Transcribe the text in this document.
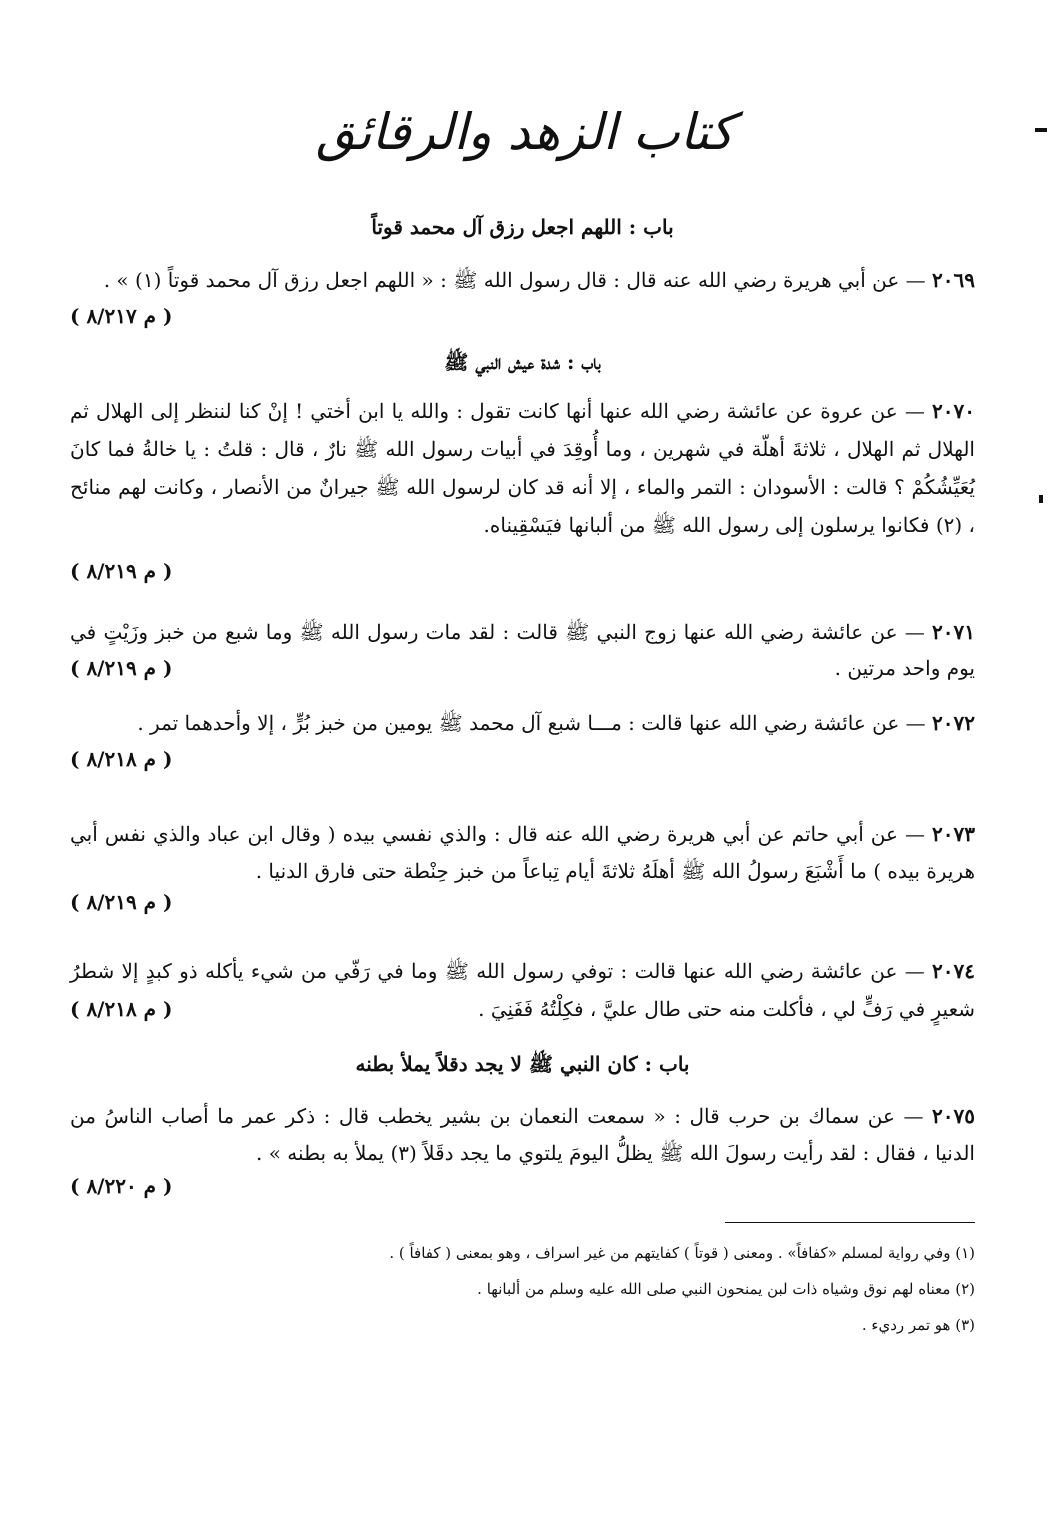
كتاب الزهد والرقائق
باب : اللهم اجعل رزق آل محمد قوتاً
٢٠٦٩ — عن أبي هريرة رضي الله عنه قال : قال رسول الله ﷺ : « اللهم اجعل رزق آل محمد قوتاً (١) » .
( م ٨/٢١٧ )
باب : شدة عيش النبي ﷺ
٢٠٧٠ — عن عروة عن عائشة رضي الله عنها أنها كانت تقول : والله يا ابن أختي ! إنْ كنا لننظر إلى الهلال ثم الهلال ثم الهلال ، ثلاثةَ أهلّة في شهرين ، وما أُوقِدَ في أبيات رسول الله ﷺ نارٌ ، قال : قلتُ : يا خالةُ فما كانَ يُعَيِّشُكُمْ ؟ قالت : الأسودان : التمر والماء ، إلا أنه قد كان لرسول الله ﷺ جيرانٌ من الأنصار ، وكانت لهم منائح ، (٢) فكانوا يرسلون إلى رسول الله ﷺ من ألبانها فيَسْقِيناه.
( م ٨/٢١٩ )
٢٠٧١ — عن عائشة رضي الله عنها زوج النبي ﷺ قالت : لقد مات رسول الله ﷺ وما شبع من خبز وزَيْتٍ في يوم واحد مرتين .
( م ٨/٢١٩ )
٢٠٧٢ — عن عائشة رضي الله عنها قالت : مـــا شبع آل محمد ﷺ يومين من خبز بُرٍّ ، إلا وأحدهما تمر .
( م ٨/٢١٨ )
٢٠٧٣ — عن أبي حاتم عن أبي هريرة رضي الله عنه قال : والذي نفسي بيده ( وقال ابن عباد والذي نفس أبي هريرة بيده ) ما أَشْبَعَ رسولُ الله ﷺ أهلَهُ ثلاثةَ أيام تِباعاً من خبز حِنْطة حتى فارق الدنيا .
( م ٨/٢١٩ )
٢٠٧٤ — عن عائشة رضي الله عنها قالت : توفي رسول الله ﷺ وما في رَفّي من شيء يأكله ذو كبدٍ إلا شطرُ شعيرٍ في رَفٍّ لي ، فأكلت منه حتى طال عليَّ ، فكِلْتُهُ فَفَنِيَ .
( م ٨/٢١٨ )
باب : كان النبي ﷺ لا يجد دقلاً يملأ بطنه
٢٠٧٥ — عن سماك بن حرب قال : « سمعت النعمان بن بشير يخطب قال : ذكر عمر ما أصاب الناسُ من الدنيا ، فقال : لقد رأيت رسولَ الله ﷺ يظلُّ اليومَ يلتوي ما يجد دقَلاً (٣) يملأ به بطنه » .
( م ٨/٢٢٠ )
(١) وفي رواية لمسلم «كفافاً» . ومعنى ( قوتاً ) كفايتهم من غير اسراف ، وهو بمعنى ( كفافاً ) .
(٢) معناه لهم نوق وشياه ذات لبن يمنحون النبي صلى الله عليه وسلم من ألبانها .
(٣) هو تمر رديء .
